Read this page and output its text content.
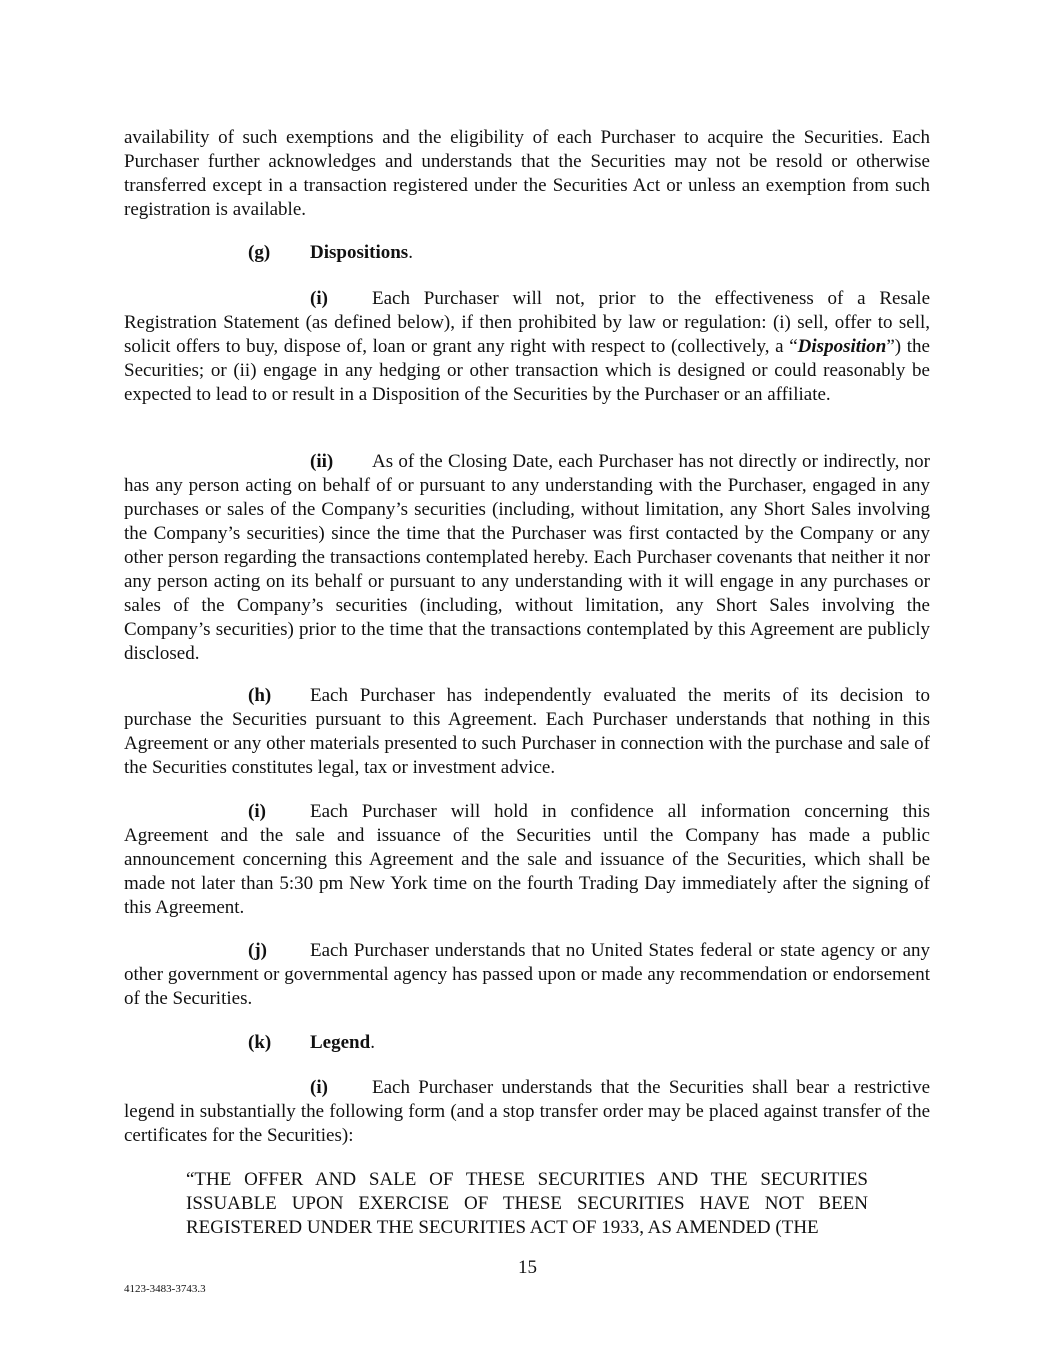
availability of such exemptions and the eligibility of each Purchaser to acquire the Securities. Each Purchaser further acknowledges and understands that the Securities may not be resold or otherwise transferred except in a transaction registered under the Securities Act or unless an exemption from such registration is available.

(g) Dispositions.

(i) Each Purchaser will not, prior to the effectiveness of a Resale Registration Statement (as defined below), if then prohibited by law or regulation: (i) sell, offer to sell, solicit offers to buy, dispose of, loan or grant any right with respect to (collectively, a “Disposition”) the Securities; or (ii) engage in any hedging or other transaction which is designed or could reasonably be expected to lead to or result in a Disposition of the Securities by the Purchaser or an affiliate.

(ii) As of the Closing Date, each Purchaser has not directly or indirectly, nor has any person acting on behalf of or pursuant to any understanding with the Purchaser, engaged in any purchases or sales of the Company’s securities (including, without limitation, any Short Sales involving the Company’s securities) since the time that the Purchaser was first contacted by the Company or any other person regarding the transactions contemplated hereby. Each Purchaser covenants that neither it nor any person acting on its behalf or pursuant to any understanding with it will engage in any purchases or sales of the Company’s securities (including, without limitation, any Short Sales involving the Company’s securities) prior to the time that the transactions contemplated by this Agreement are publicly disclosed.

(h) Each Purchaser has independently evaluated the merits of its decision to purchase the Securities pursuant to this Agreement. Each Purchaser understands that nothing in this Agreement or any other materials presented to such Purchaser in connection with the purchase and sale of the Securities constitutes legal, tax or investment advice.

(i) Each Purchaser will hold in confidence all information concerning this Agreement and the sale and issuance of the Securities until the Company has made a public announcement concerning this Agreement and the sale and issuance of the Securities, which shall be made not later than 5:30 pm New York time on the fourth Trading Day immediately after the signing of this Agreement.

(j) Each Purchaser understands that no United States federal or state agency or any other government or governmental agency has passed upon or made any recommendation or endorsement of the Securities.

(k) Legend.

(i) Each Purchaser understands that the Securities shall bear a restrictive legend in substantially the following form (and a stop transfer order may be placed against transfer of the certificates for the Securities):

“THE OFFER AND SALE OF THESE SECURITIES AND THE SECURITIES ISSUABLE UPON EXERCISE OF THESE SECURITIES HAVE NOT BEEN REGISTERED UNDER THE SECURITIES ACT OF 1933, AS AMENDED (THE

15
4123-3483-3743.3
